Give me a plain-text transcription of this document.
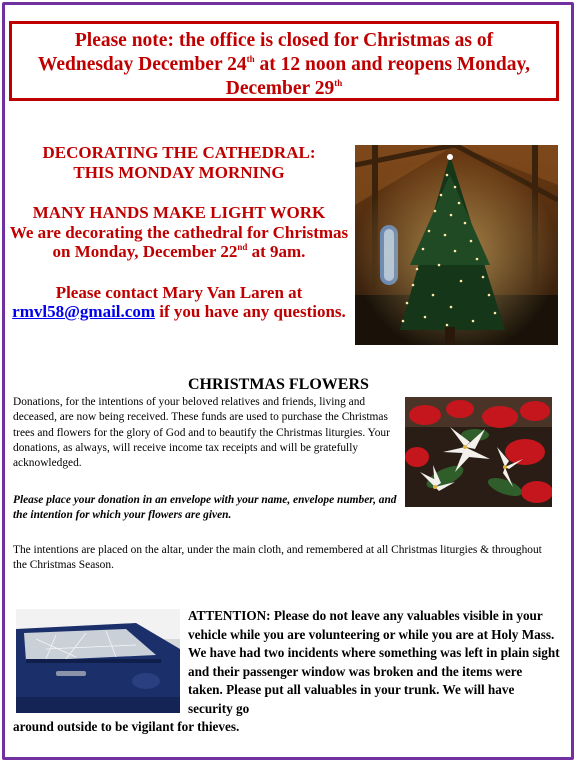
Please note: the office is closed for Christmas as of
Wednesday December 24th at 12 noon and reopens Monday,
December 29th

DECORATING THE CATHEDRAL:

THIS MONDAY MORNING

MANY HANDS MAKE LIGHT WORK

We are decorating the cathedral for Christmas

on Monday, December 22nd at 9am.

Please contact Mary Van Laren at

rmvl58@gmail.com if you have any questions.

CHRISTMAS FLOWERS
Donations, for the intentions of your beloved relatives and friends, living and deceased, are now being received. These funds are used to purchase the Christmas trees and flowers for the glory of God and to beautify the Christmas liturgies. Your donations, as always, will receive income tax receipts and will be gratefully acknowledged.
Please place your donation in an envelope with your name, envelope number, and the intention for which your flowers are given.
The intentions are placed on the altar, under the main cloth, and remembered at all Christmas liturgies & throughout the Christmas Season.
ATTENTION: Please do not leave any valuables visible in your vehicle while you are volunteering or while you are at Holy Mass. We have had two incidents where something was left in plain sight and their passenger window was broken and the items were taken. Please put all valuables in your trunk. We will have security go
around outside to be vigilant for thieves.
